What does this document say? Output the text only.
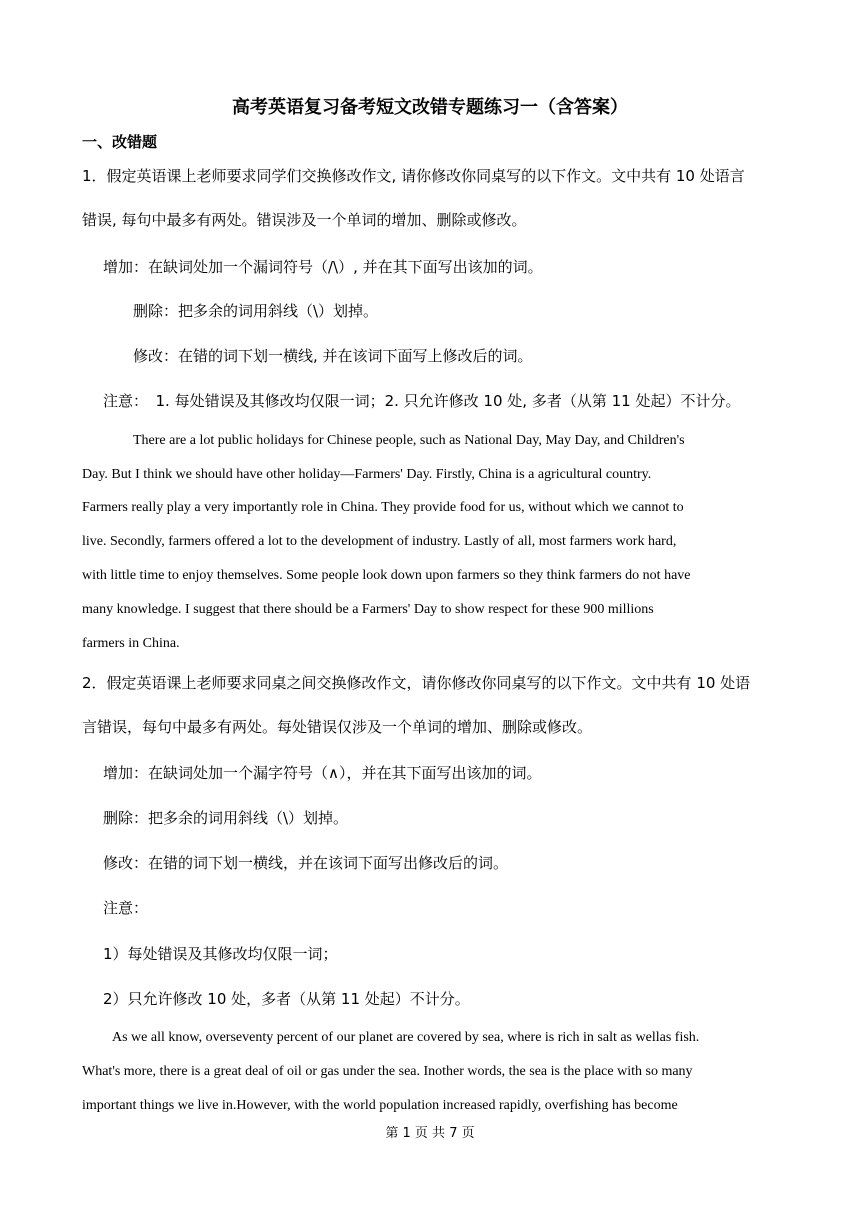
高考英语复习备考短文改错专题练习一（含答案）
一、改错题
1．假定英语课上老师要求同学们交换修改作文, 请你修改你同桌写的以下作文。文中共有 10 处语言
错误, 每句中最多有两处。错误涉及一个单词的增加、删除或修改。
增加：在缺词处加一个漏词符号（/\）, 并在其下面写出该加的词。
删除：把多余的词用斜线（\）划掉。
修改：在错的词下划一横线, 并在该词下面写上修改后的词。
注意：　1. 每处错误及其修改均仅限一词；2. 只允许修改 10 处, 多者（从第 11 处起）不计分。
There are a lot public holidays for Chinese people, such as National Day, May Day, and Children's
Day. But I think we should have other holiday—Farmers' Day. Firstly, China is a agricultural country.
Farmers really play a very importantly role in China. They provide food for us, without which we cannot to
live. Secondly, farmers offered a lot to the development of industry. Lastly of all, most farmers work hard,
with little time to enjoy themselves. Some people look down upon farmers so they think farmers do not have
many knowledge. I suggest that there should be a Farmers' Day to show respect for these 900 millions
farmers in China.
2．假定英语课上老师要求同桌之间交换修改作文，请你修改你同桌写的以下作文。文中共有 10 处语
言错误，每句中最多有两处。每处错误仅涉及一个单词的增加、删除或修改。
增加：在缺词处加一个漏字符号（∧），并在其下面写出该加的词。
删除：把多余的词用斜线（\）划掉。
修改：在错的词下划一横线，并在该词下面写出修改后的词。
注意：
1）每处错误及其修改均仅限一词；
2）只允许修改 10 处，多者（从第 11 处起）不计分。
As we all know, overseventy percent of our planet are covered by sea, where is rich in salt as wellas fish.
What's more, there is a great deal of oil or gas under the sea. Inother words, the sea is the place with so many
important things we live in.However, with the world population increased rapidly, overfishing has become
第 1 页 共 7 页
